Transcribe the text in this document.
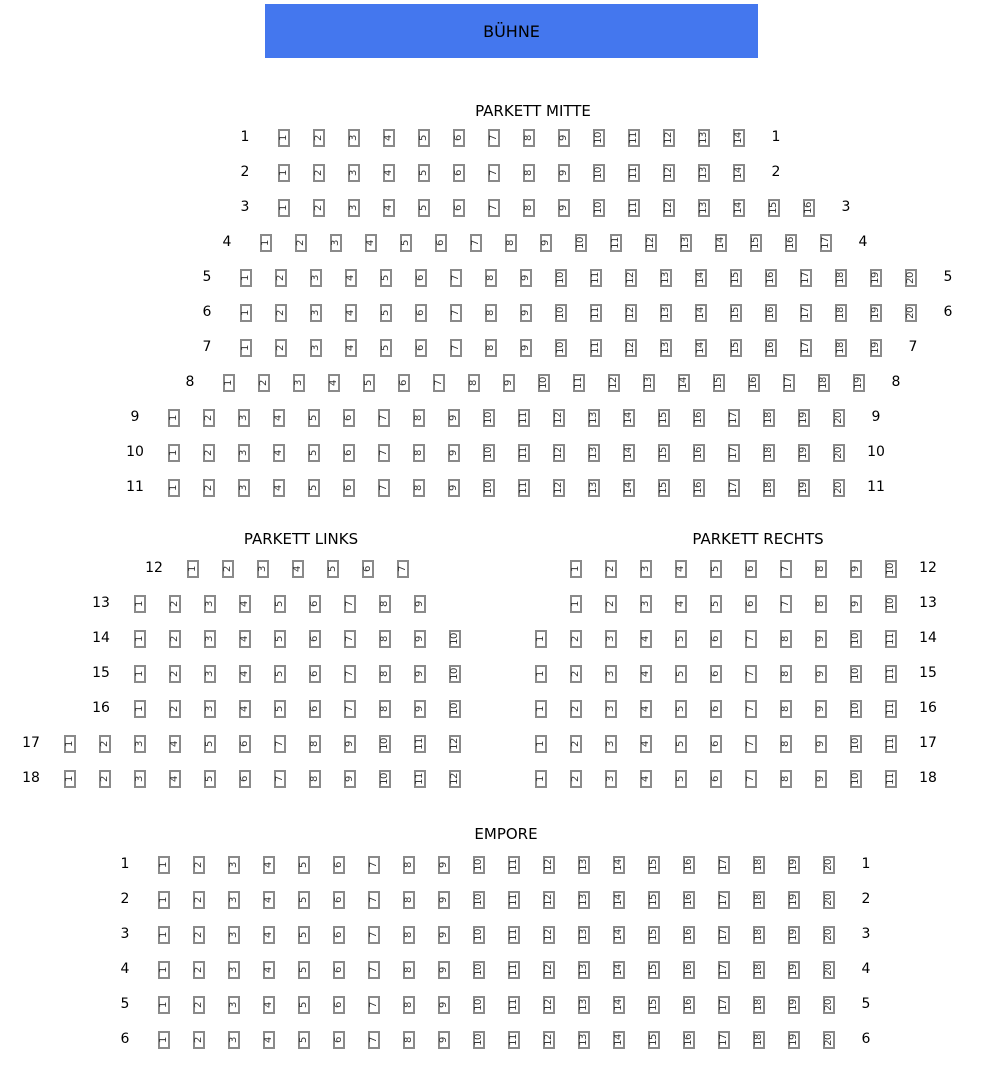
BÜHNE
PARKETT MITTE
1	1
1 2 3 4 5 6 7 8 9 10 11 12 13 14
2	2
1 2 3 4 5 6 7 8 9 10 11 12 13 14
3	3
1 2 3 4 5 6 7 8 9 10 11 12 13 14 15 16
4	4
1 2 3 4 5 6 7 8 9 10 11 12 13 14 15 16 17
5	5
1 2 3 4 5 6 7 8 9 10 11 12 13 14 15 16 17 18 19 20
6	6
1 2 3 4 5 6 7 8 9 10 11 12 13 14 15 16 17 18 19 20
7	7
1 2 3 4 5 6 7 8 9 10 11 12 13 14 15 16 17 18 19
8	8
1 2 3 4 5 6 7 8 9 10 11 12 13 14 15 16 17 18 19
9	9
1 2 3 4 5 6 7 8 9 10 11 12 13 14 15 16 17 18 19 20
10	10
1 2 3 4 5 6 7 8 9 10 11 12 13 14 15 16 17 18 19 20
11	11
1 2 3 4 5 6 7 8 9 10 11 12 13 14 15 16 17 18 19 20
PARKETT LINKS
12 1 2 3 4 5 6 7
13 1 2 3 4 5 6 7 8 9
14 1 2 3 4 5 6 7 8 9 10
15 1 2 3 4 5 6 7 8 9 10
16 1 2 3 4 5 6 7 8 9 10
17 1 2 3 4 5 6 7 8 9 10 11 12
18 1 2 3 4 5 6 7 8 9 10 11 12
PARKETT RECHTS
12
1 2 3 4 5 6 7 8 9 10
13
1 2 3 4 5 6 7 8 9 10
14
1 2 3 4 5 6 7 8 9 10 11
15
1 2 3 4 5 6 7 8 9 10 11
16
1 2 3 4 5 6 7 8 9 10 11
17
1 2 3 4 5 6 7 8 9 10 11
18
1 2 3 4 5 6 7 8 9 10 11
EMPORE
1	1
1 2 3 4 5 6 7 8 9 10 11 12 13 14 15 16 17 18 19 20
2	2
1 2 3 4 5 6 7 8 9 10 11 12 13 14 15 16 17 18 19 20
3	3
1 2 3 4 5 6 7 8 9 10 11 12 13 14 15 16 17 18 19 20
4	4
1 2 3 4 5 6 7 8 9 10 11 12 13 14 15 16 17 18 19 20
5	5
1 2 3 4 5 6 7 8 9 10 11 12 13 14 15 16 17 18 19 20
6	6
1 2 3 4 5 6 7 8 9 10 11 12 13 14 15 16 17 18 19 20
